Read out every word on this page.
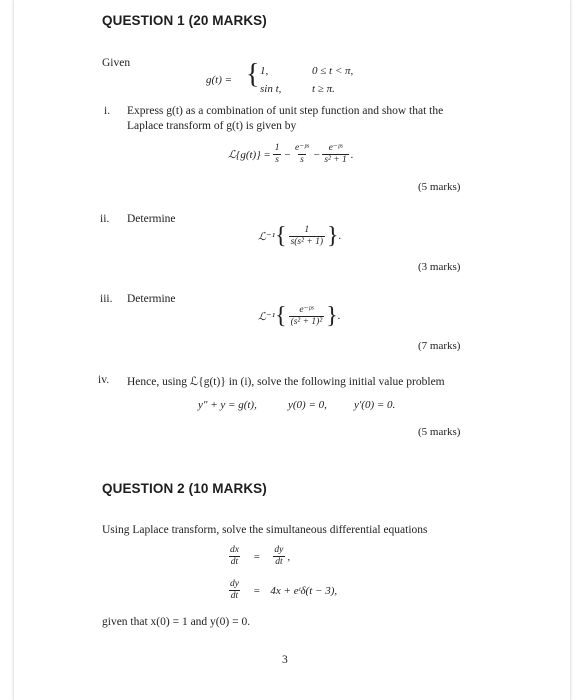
QUESTION 1 (20 MARKS)
Given
g(t) = { 1,	0 ≤ t < π,
sin t,	t ≥ π.
i. Express g(t) as a combination of unit step function and show that the
Laplace transform of g(t) is given by
ℒ{g(t)} = $\frac{1}{s} - \frac{\text{e⁻ᵖˢ}}{s} - \frac{\text{e⁻ᵖˢ}}{\text{s² + 1}}$ .
(5 marks)
ii. Determine
ℒ⁻¹ { $\frac{1}{\text{s(s² + 1)}}$ } .
(3 marks)
iii. Determine
ℒ⁻¹ { $\frac{\text{e⁻ᵖˢ}}{\text{(s² + 1)²}}$ } .
(7 marks)
iv. Hence, using ℒ{g(t)} in (i), solve the following initial value problem
y″ + y = g(t),	y(0) = 0, y′(0) = 0.
(5 marks)
QUESTION 2 (10 MARKS)
Using Laplace transform, solve the simultaneous differential equations
$\frac{dx}{dt} = \frac{dy}{dt}$ ,
$\frac{dy}{dt} = 4x$ + eᵗδ(t − 3),
given that x(0) = 1 and y(0) = 0.
3
